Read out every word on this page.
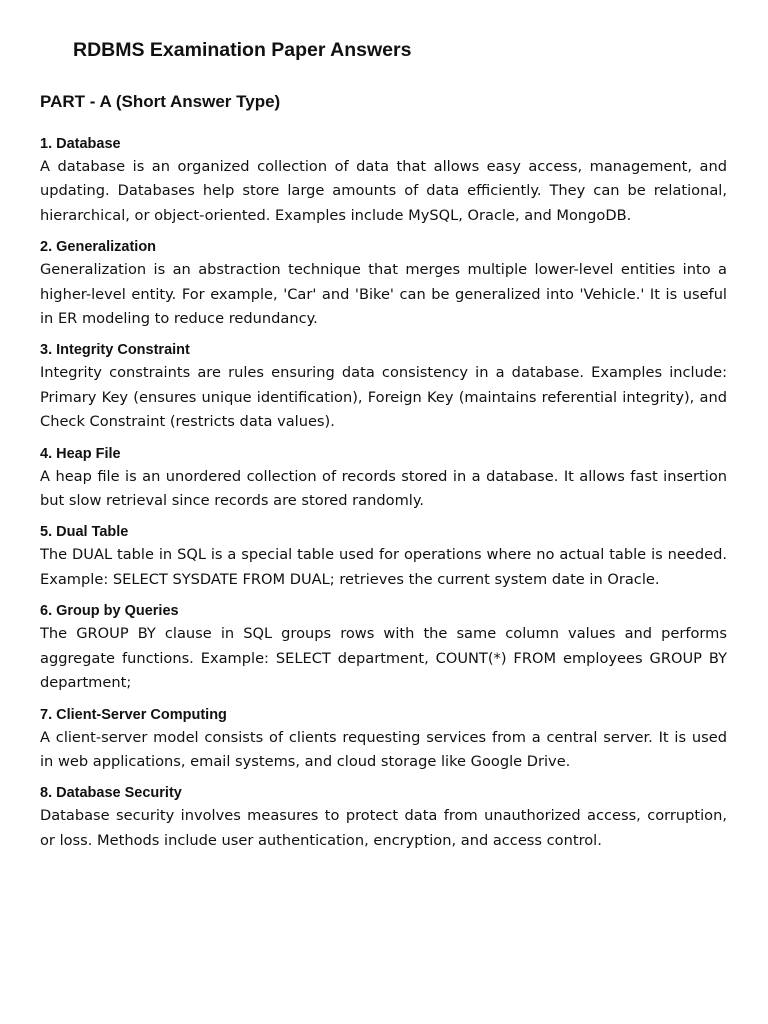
RDBMS Examination Paper Answers
PART - A (Short Answer Type)
1. Database

A database is an organized collection of data that allows easy access, management, and updating. Databases help store large amounts of data efficiently. They can be relational, hierarchical, or object-oriented. Examples include MySQL, Oracle, and MongoDB.

2. Generalization

Generalization is an abstraction technique that merges multiple lower-level entities into a higher-level entity. For example, 'Car' and 'Bike' can be generalized into 'Vehicle.' It is useful in ER modeling to reduce redundancy.

3. Integrity Constraint

Integrity constraints are rules ensuring data consistency in a database. Examples include: Primary Key (ensures unique identification), Foreign Key (maintains referential integrity), and Check Constraint (restricts data values).

4. Heap File

A heap file is an unordered collection of records stored in a database. It allows fast insertion but slow retrieval since records are stored randomly.

5. Dual Table

The DUAL table in SQL is a special table used for operations where no actual table is needed. Example: SELECT SYSDATE FROM DUAL; retrieves the current system date in Oracle.

6. Group by Queries

The GROUP BY clause in SQL groups rows with the same column values and performs aggregate functions. Example: SELECT department, COUNT(*) FROM employees GROUP BY department;

7. Client-Server Computing

A client-server model consists of clients requesting services from a central server. It is used in web applications, email systems, and cloud storage like Google Drive.

8. Database Security

Database security involves measures to protect data from unauthorized access, corruption, or loss. Methods include user authentication, encryption, and access control.
